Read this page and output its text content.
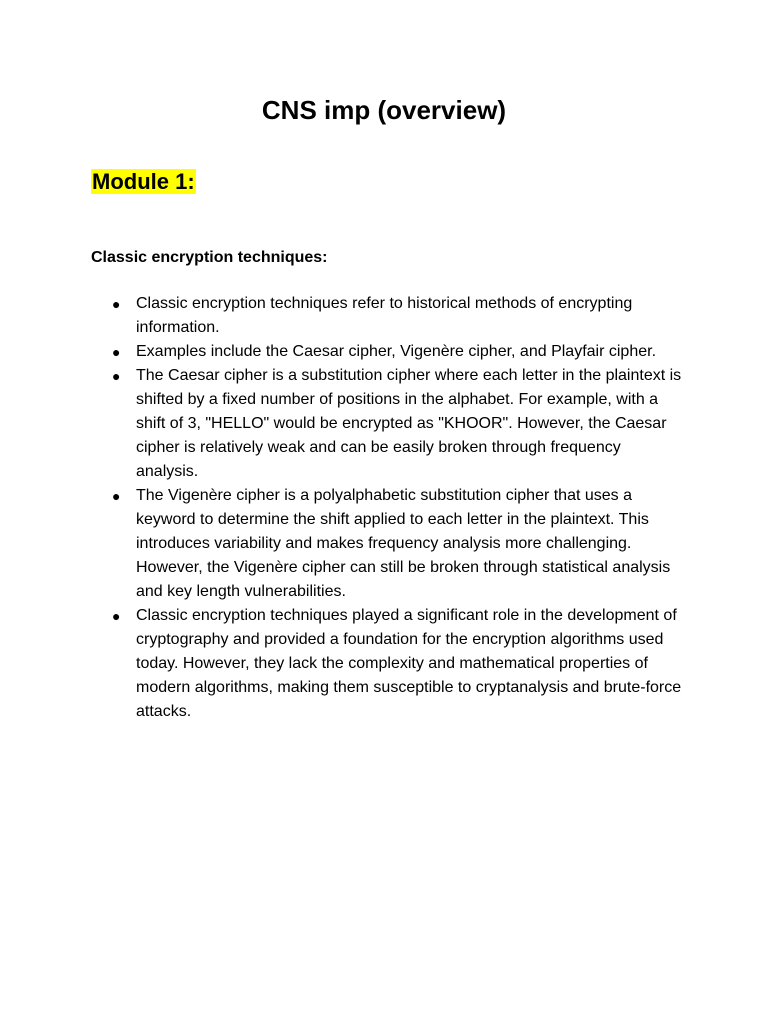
CNS imp (overview)
Module 1:
Classic encryption techniques:
● Classic encryption techniques refer to historical methods of encrypting information.
● Examples include the Caesar cipher, Vigenère cipher, and Playfair cipher.
● The Caesar cipher is a substitution cipher where each letter in the plaintext is shifted by a fixed number of positions in the alphabet. For example, with a shift of 3, "HELLO" would be encrypted as "KHOOR". However, the Caesar cipher is relatively weak and can be easily broken through frequency analysis.
● The Vigenère cipher is a polyalphabetic substitution cipher that uses a keyword to determine the shift applied to each letter in the plaintext. This introduces variability and makes frequency analysis more challenging. However, the Vigenère cipher can still be broken through statistical analysis and key length vulnerabilities.
● Classic encryption techniques played a significant role in the development of cryptography and provided a foundation for the encryption algorithms used today. However, they lack the complexity and mathematical properties of modern algorithms, making them susceptible to cryptanalysis and brute-force attacks.
